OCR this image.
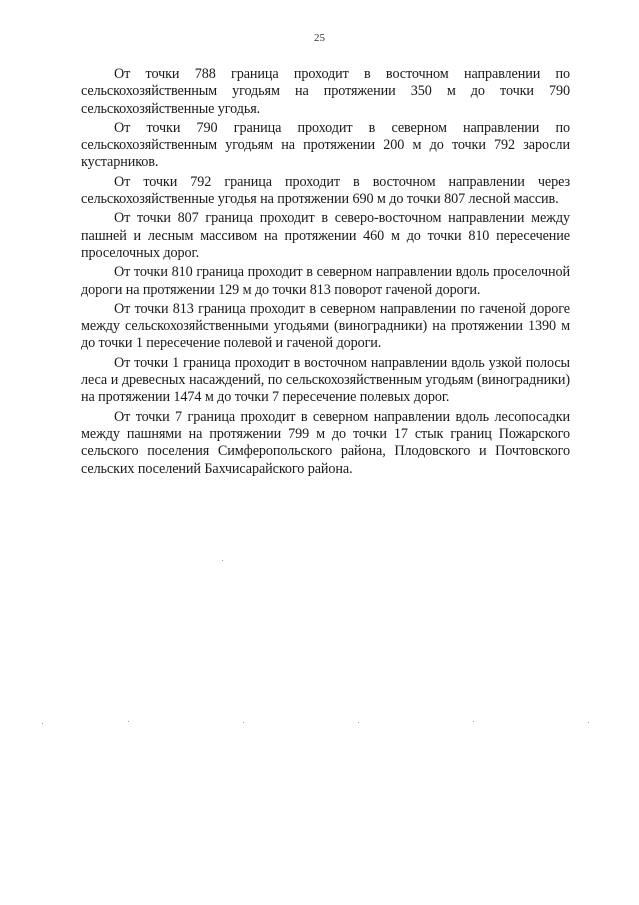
25

От точки 788 граница проходит в восточном направлении по сельскохозяйственным угодьям на протяжении 350 м до точки 790 сельскохозяйственные угодья.

От точки 790 граница проходит в северном направлении по сельскохозяйственным угодьям на протяжении 200 м до точки 792 заросли кустарников.

От точки 792 граница проходит в восточном направлении через сельскохозяйственные угодья на протяжении 690 м до точки 807 лесной массив.

От точки 807 граница проходит в северо-восточном направлении между пашней и лесным массивом на протяжении 460 м до точки 810 пересечение проселочных дорог.

От точки 810 граница проходит в северном направлении вдоль проселочной дороги на протяжении 129 м до точки 813 поворот гаченой дороги.

От точки 813 граница проходит в северном направлении по гаченой дороге между сельскохозяйственными угодьями (виноградники) на протяжении 1390 м до точки 1 пересечение полевой и гаченой дороги.

От точки 1 граница проходит в восточном направлении вдоль узкой полосы леса и древесных насаждений, по сельскохозяйственным угодьям (виноградники) на протяжении 1474 м до точки 7 пересечение полевых дорог.

От точки 7 граница проходит в северном направлении вдоль лесопосадки между пашнями на протяжении 799 м до точки 17 стык границ Пожарского сельского поселения Симферопольского района, Плодовского и Почтовского сельских поселений Бахчисарайского района.
